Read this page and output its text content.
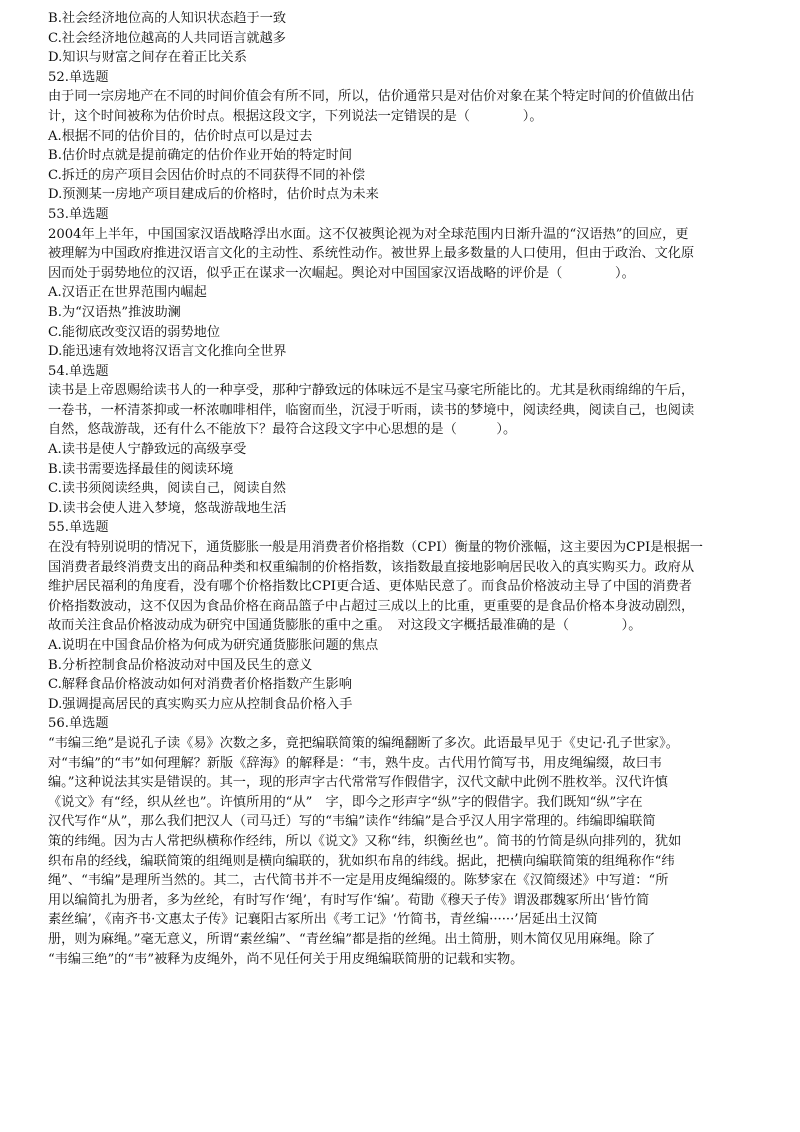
B.社会经济地位高的人知识状态趋于一致
C.社会经济地位越高的人共同语言就越多
D.知识与财富之间存在着正比关系
52.单选题
由于同一宗房地产在不同的时间价值会有所不同，所以，估价通常只是对估价对象在某个特定时间的价值做出估
计，这个时间被称为估价时点。根据这段文字，下列说法一定错误的是（　　　　）。
A.根据不同的估价目的，估价时点可以是过去
B.估价时点就是提前确定的估价作业开始的特定时间
C.拆迁的房产项目会因估价时点的不同获得不同的补偿
D.预测某一房地产项目建成后的价格时，估价时点为未来
53.单选题
2004年上半年，中国国家汉语战略浮出水面。这不仅被舆论视为对全球范围内日渐升温的“汉语热”的回应，更
被理解为中国政府推进汉语言文化的主动性、系统性动作。被世界上最多数量的人口使用，但由于政治、文化原
因而处于弱势地位的汉语，似乎正在谋求一次崛起。舆论对中国国家汉语战略的评价是（　　　　）。
A.汉语正在世界范围内崛起
B.为“汉语热”推波助澜
C.能彻底改变汉语的弱势地位
D.能迅速有效地将汉语言文化推向全世界
54.单选题
读书是上帝恩赐给读书人的一种享受，那种宁静致远的体味远不是宝马豪宅所能比的。尤其是秋雨绵绵的午后，
一卷书，一杯清茶抑或一杯浓咖啡相伴，临窗而坐，沉浸于听雨，读书的梦境中，阅读经典，阅读自己，也阅读
自然，悠哉游哉，还有什么不能放下？最符合这段文字中心思想的是（　　　）。
A.读书是使人宁静致远的高级享受
B.读书需要选择最佳的阅读环境
C.读书须阅读经典，阅读自己，阅读自然
D.读书会使人进入梦境，悠哉游哉地生活
55.单选题
在没有特别说明的情况下，通货膨胀一般是用消费者价格指数（CPI）衡量的物价涨幅，这主要因为CPI是根据一
国消费者最终消费支出的商品种类和权重编制的价格指数，该指数最直接地影响居民收入的真实购买力。政府从
维护居民福利的角度看，没有哪个价格指数比CPI更合适、更体贴民意了。而食品价格波动主导了中国的消费者
价格指数波动，这不仅因为食品价格在商品篮子中占超过三成以上的比重，更重要的是食品价格本身波动剧烈，
故而关注食品价格波动成为研究中国通货膨胀的重中之重。　对这段文字概括最准确的是（　　　　）。
A.说明在中国食品价格为何成为研究通货膨胀问题的焦点
B.分析控制食品价格波动对中国及民生的意义
C.解释食品价格波动如何对消费者价格指数产生影响
D.强调提高居民的真实购买力应从控制食品价格入手
56.单选题
“韦编三绝”是说孔子读《易》次数之多，竟把编联简策的编绳翻断了多次。此语最早见于《史记·孔子世家》。
对“韦编”的“韦”如何理解？新版《辞海》的解释是：“韦，熟牛皮。古代用竹简写书，用皮绳编缀，故曰韦
编。”这种说法其实是错误的。其一，现的形声字古代常常写作假借字，汉代文献中此例不胜枚举。汉代许慎
《说文》有“经，织从丝也”。许慎所用的“从”　字，即今之形声字“纵”字的假借字。我们既知“纵”字在
汉代写作“从”，那么我们把汉人（司马迁）写的“韦编”读作“纬编”是合乎汉人用字常理的。纬编即编联简
策的纬绳。因为古人常把纵横称作经纬，所以《说文》又称“纬，织衡丝也”。简书的竹简是纵向排列的，犹如
织布帛的经线，编联简策的组绳则是横向编联的，犹如织布帛的纬线。据此，把横向编联简策的组绳称作“纬
绳”、“韦编”是理所当然的。其二，古代简书并不一定是用皮绳编缀的。陈梦家在《汉简缀述》中写道：“所
用以编简扎为册者，多为丝纶，有时写作‘绳’，有时写作‘编’。荀勖《穆天子传》谓汲郡魏冢所出‘皆竹简
素丝编’，《南齐书·文惠太子传》记襄阳古冢所出《考工记》‘竹简书，青丝编······’居延出土汉简
册，则为麻绳。”毫无意义，所谓“素丝编”、“青丝编”都是指的丝绳。出土简册，则木简仅见用麻绳。除了
“韦编三绝”的“韦”被释为皮绳外，尚不见任何关于用皮绳编联简册的记载和实物。
